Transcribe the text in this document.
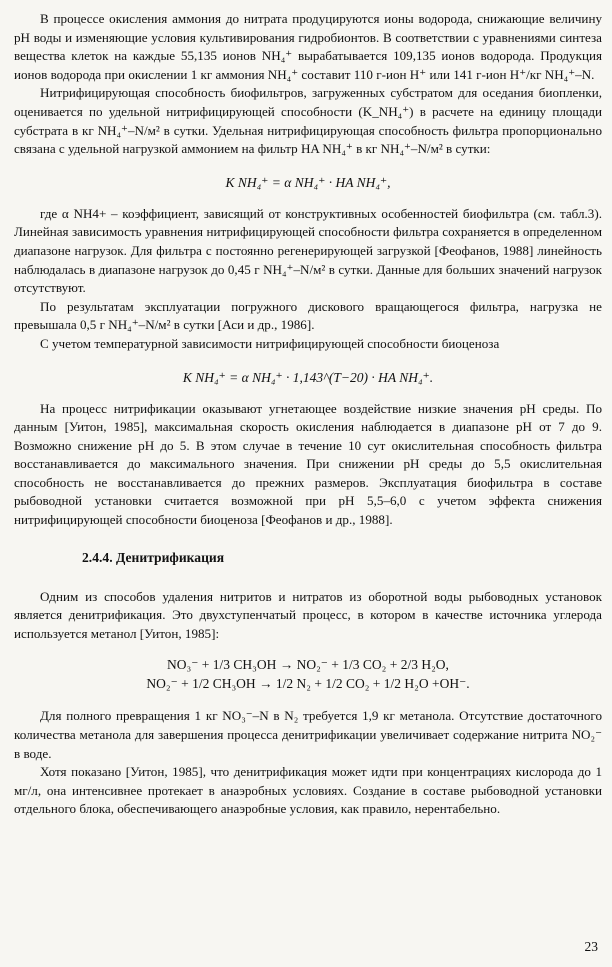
В процессе окисления аммония до нитрата продуцируются ионы водорода, снижающие величину рН воды и изменяющие условия культивирования гидробионтов. В соответствии с уравнениями синтеза вещества клеток на каждые 55,135 ионов NH₄⁺ вырабатывается 109,135 ионов водорода. Продукция ионов водорода при окислении 1 кг аммония NH₄⁺ составит 110 г-ион H⁺ или 141 г-ион H⁺/кг NH₄⁺–N.

Нитрифицирующая способность биофильтров, загруженных субстратом для оседания биопленки, оценивается по удельной нитрифицирующей способности (K_NH₄⁺) в расчете на единицу площади субстрата в кг NH₄⁺–N/м² в сутки. Удельная нитрифицирующая способность фильтра пропорционально связана с удельной нагрузкой аммонием на фильтр HA NH₄⁺ в кг NH₄⁺–N/м² в сутки:

K NH₄⁺ = α NH₄⁺ · HA NH₄⁺,

где α NH4+ – коэффициент, зависящий от конструктивных особенностей биофильтра (см. табл.3). Линейная зависимость уравнения нитрифицирующей способности фильтра сохраняется в определенном диапазоне нагрузок. Для фильтра с постоянно регенерирующей загрузкой [Феофанов, 1988] линейность наблюдалась в диапазоне нагрузок до 0,45 г NH₄⁺–N/м² в сутки. Данные для больших значений нагрузок отсутствуют.

По результатам эксплуатации погружного дискового вращающегося фильтра, нагрузка не превышала 0,5 г NH₄⁺–N/м² в сутки [Аси и др., 1986].

С учетом температурной зависимости нитрифицирующей способности биоценоза

K NH₄⁺ = α NH₄⁺ · 1,143^(T−20) · HA NH₄⁺.

На процесс нитрификации оказывают угнетающее воздействие низкие значения рН среды. По данным [Уитон, 1985], максимальная скорость окисления наблюдается в диапазоне рН от 7 до 9. Возможно снижение рН до 5. В этом случае в течение 10 сут окислительная способность фильтра восстанавливается до максимального значения. При снижении рН среды до 5,5 окислительная способность не восстанавливается до прежних размеров. Эксплуатация биофильтра в составе рыбоводной установки считается возможной при рН 5,5–6,0 с учетом эффекта снижения нитрифицирующей способности биоценоза [Феофанов и др., 1988].

2.4.4. Денитрификация

Одним из способов удаления нитритов и нитратов из оборотной воды рыбоводных установок является денитрификация. Это двухступенчатый процесс, в котором в качестве источника углерода используется метанол [Уитон, 1985]:

NO₃⁻ + 1/3 CH₃OH → NO₂⁻ + 1/3 CO₂ + 2/3 H₂O,
NO₂⁻ + 1/2 CH₃OH → 1/2 N₂ + 1/2 CO₂ + 1/2 H₂O +OH⁻.

Для полного превращения 1 кг NO₃⁻–N в N₂ требуется 1,9 кг метанола. Отсутствие достаточного количества метанола для завершения процесса денитрификации увеличивает содержание нитрита NO₂⁻ в воде.

Хотя показано [Уитон, 1985], что денитрификация может идти при концентрациях кислорода до 1 мг/л, она интенсивнее протекает в анаэробных условиях. Создание в составе рыбоводной установки отдельного блока, обеспечивающего анаэробные условия, как правило, нерентабельно.

23
